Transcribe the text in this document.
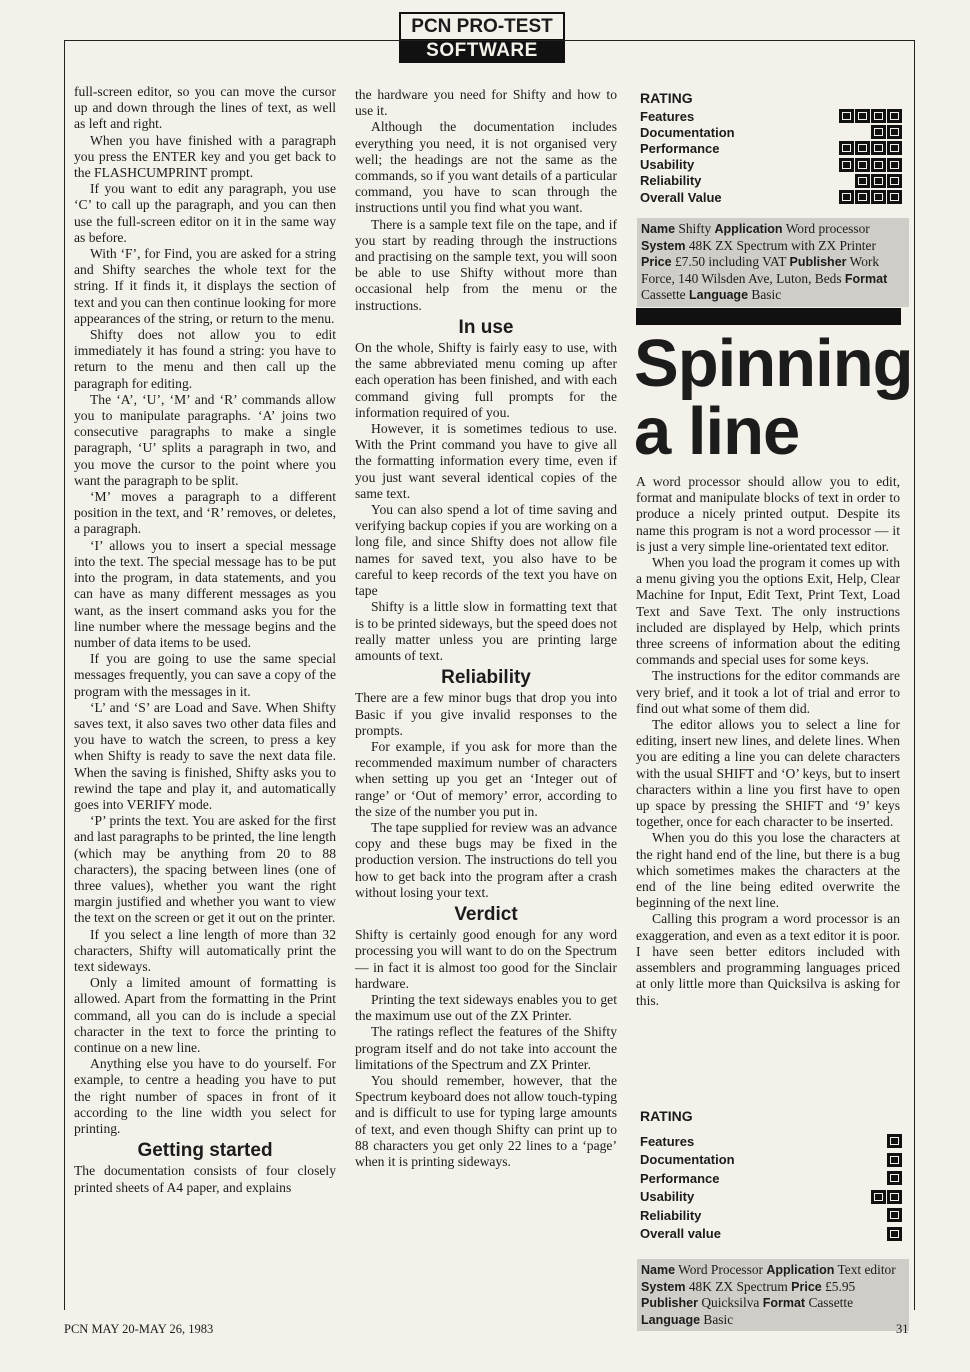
PCN PRO-TEST
SOFTWARE

full-screen editor, so you can move the cursor up and down through the lines of text, as well as left and right.

When you have finished with a paragraph you press the ENTER key and you get back to the FLASHCUMPRINT prompt.

If you want to edit any paragraph, you use ‘C’ to call up the paragraph, and you can then use the full-screen editor on it in the same way as before.

With ‘F’, for Find, you are asked for a string and Shifty searches the whole text for the string. If it finds it, it displays the section of text and you can then continue looking for more appearances of the string, or return to the menu.

Shifty does not allow you to edit immediately it has found a string: you have to return to the menu and then call up the paragraph for editing.

The ‘A’, ‘U’, ‘M’ and ‘R’ commands allow you to manipulate paragraphs. ‘A’ joins two consecutive paragraphs to make a single paragraph, ‘U’ splits a paragraph in two, and you move the cursor to the point where you want the paragraph to be split.

‘M’ moves a paragraph to a different position in the text, and ‘R’ removes, or deletes, a paragraph.

‘I’ allows you to insert a special message into the text. The special message has to be put into the program, in data statements, and you can have as many different messages as you want, as the insert command asks you for the line number where the message begins and the number of data items to be used.

If you are going to use the same special messages frequently, you can save a copy of the program with the messages in it.

‘L’ and ‘S’ are Load and Save. When Shifty saves text, it also saves two other data files and you have to watch the screen, to press a key when Shifty is ready to save the next data file. When the saving is finished, Shifty asks you to rewind the tape and play it, and automatically goes into VERIFY mode.

‘P’ prints the text. You are asked for the first and last paragraphs to be printed, the line length (which may be anything from 20 to 88 characters), the spacing between lines (one of three values), whether you want the right margin justified and whether you want to view the text on the screen or get it out on the printer.

If you select a line length of more than 32 characters, Shifty will automatically print the text sideways.

Only a limited amount of formatting is allowed. Apart from the formatting in the Print command, all you can do is include a special character in the text to force the printing to continue on a new line.

Anything else you have to do yourself. For example, to centre a heading you have to put the right number of spaces in front of it according to the line width you select for printing.

Getting started

The documentation consists of four closely printed sheets of A4 paper, and explains

the hardware you need for Shifty and how to use it.

Although the documentation includes everything you need, it is not organised very well; the headings are not the same as the commands, so if you want details of a particular command, you have to scan through the instructions until you find what you want.

There is a sample text file on the tape, and if you start by reading through the instructions and practising on the sample text, you will soon be able to use Shifty without more than occasional help from the menu or the instructions.

In use

On the whole, Shifty is fairly easy to use, with the same abbreviated menu coming up after each operation has been finished, and with each command giving full prompts for the information required of you.

However, it is sometimes tedious to use. With the Print command you have to give all the formatting information every time, even if you just want several identical copies of the same text.

You can also spend a lot of time saving and verifying backup copies if you are working on a long file, and since Shifty does not allow file names for saved text, you also have to be careful to keep records of the text you have on tape

Shifty is a little slow in formatting text that is to be printed sideways, but the speed does not really matter unless you are printing large amounts of text.

Reliability

There are a few minor bugs that drop you into Basic if you give invalid responses to the prompts.

For example, if you ask for more than the recommended maximum number of characters when setting up you get an ‘Integer out of range’ or ‘Out of memory’ error, according to the size of the number you put in.

The tape supplied for review was an advance copy and these bugs may be fixed in the production version. The instructions do tell you how to get back into the program after a crash without losing your text.

Verdict

Shifty is certainly good enough for any word processing you will want to do on the Spectrum — in fact it is almost too good for the Sinclair hardware.

Printing the text sideways enables you to get the maximum use out of the ZX Printer.

The ratings reflect the features of the Shifty program itself and do not take into account the limitations of the Spectrum and ZX Printer.

You should remember, however, that the Spectrum keyboard does not allow touch-typing and is difficult to use for typing large amounts of text, and even though Shifty can print up to 88 characters you get only 22 lines to a ‘page’ when it is printing sideways.

RATING
Features
Documentation
Performance
Usability
Reliability
Overall Value
Name Shifty Application Word processor System 48K ZX Spectrum with ZX Printer Price £7.50 including VAT Publisher Work Force, 140 Wilsden Ave, Luton, Beds Format Cassette Language Basic
Spinning
a line

A word processor should allow you to edit, format and manipulate blocks of text in order to produce a nicely printed output. Despite its name this program is not a word processor — it is just a very simple line-orientated text editor.

When you load the program it comes up with a menu giving you the options Exit, Help, Clear Machine for Input, Edit Text, Print Text, Load Text and Save Text. The only instructions included are displayed by Help, which prints three screens of information about the editing commands and special uses for some keys.

The instructions for the editor commands are very brief, and it took a lot of trial and error to find out what some of them did.

The editor allows you to select a line for editing, insert new lines, and delete lines. When you are editing a line you can delete characters with the usual SHIFT and ‘O’ keys, but to insert characters within a line you first have to open up space by pressing the SHIFT and ‘9’ keys together, once for each character to be inserted.

When you do this you lose the characters at the right hand end of the line, but there is a bug which sometimes makes the characters at the end of the line being edited overwrite the beginning of the next line.

Calling this program a word processor is an exaggeration, and even as a text editor it is poor. I have seen better editors included with assemblers and programming languages priced at only little more than Quicksilva is asking for this.

RATING
Features
Documentation
Performance
Usability
Reliability
Overall value
Name Word Processor Application Text editor System 48K ZX Spectrum Price £5.95 Publisher Quicksilva Format Cassette Language Basic
PCN MAY 20-MAY 26, 1983	31
